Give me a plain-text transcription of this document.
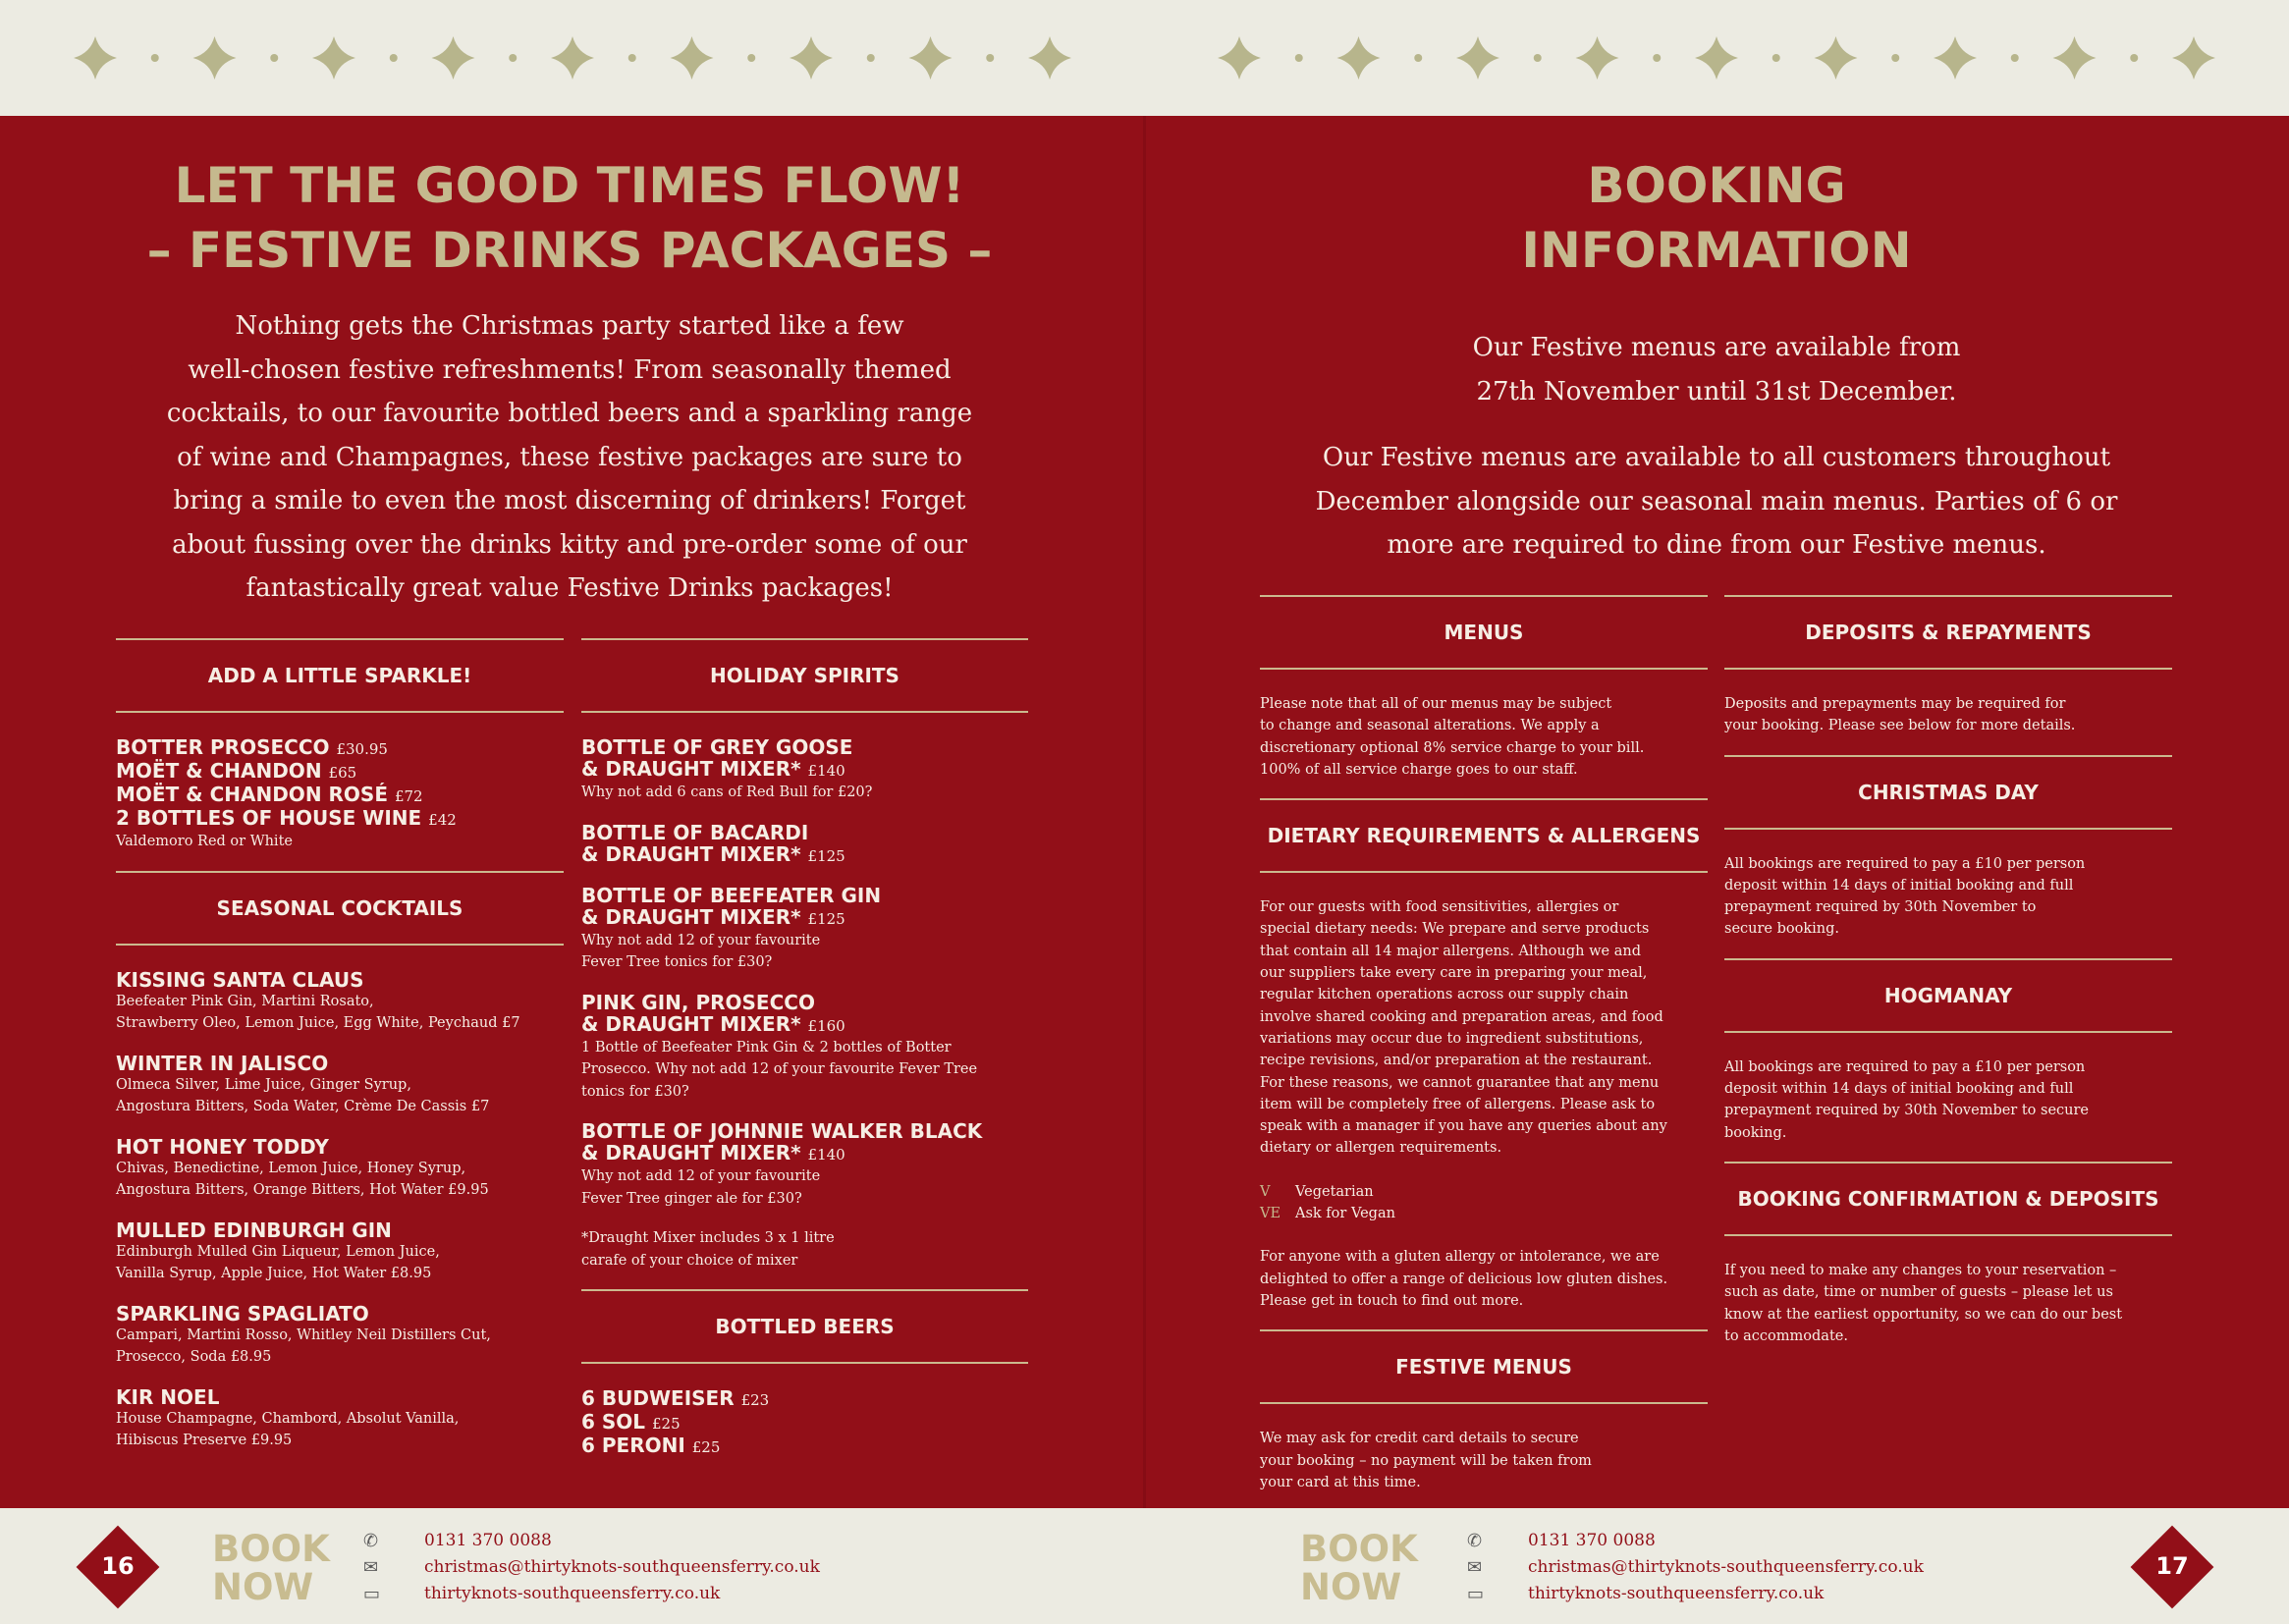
LET THE GOOD TIMES FLOW!
– FESTIVE DRINKS PACKAGES –
Nothing gets the Christmas party started like a few
well-chosen festive refreshments! From seasonally themed
cocktails, to our favourite bottled beers and a sparkling range
of wine and Champagnes, these festive packages are sure to
bring a smile to even the most discerning of drinkers! Forget
about fussing over the drinks kitty and pre-order some of our
fantastically great value Festive Drinks packages!
ADD A LITTLE SPARKLE!
BOTTER PROSECCO £30.95
MOËT & CHANDON £65
MOËT & CHANDON ROSÉ £72
2 BOTTLES OF HOUSE WINE £42
Valdemoro Red or White
SEASONAL COCKTAILS
KISSING SANTA CLAUS
Beefeater Pink Gin, Martini Rosato,
Strawberry Oleo, Lemon Juice, Egg White, Peychaud £7
WINTER IN JALISCO
Olmeca Silver, Lime Juice, Ginger Syrup,
Angostura Bitters, Soda Water, Crème De Cassis £7
HOT HONEY TODDY
Chivas, Benedictine, Lemon Juice, Honey Syrup,
Angostura Bitters, Orange Bitters, Hot Water £9.95
MULLED EDINBURGH GIN
Edinburgh Mulled Gin Liqueur, Lemon Juice,
Vanilla Syrup, Apple Juice, Hot Water £8.95
SPARKLING SPAGLIATO
Campari, Martini Rosso, Whitley Neil Distillers Cut,
Prosecco, Soda £8.95
KIR NOEL
House Champagne, Chambord, Absolut Vanilla,
Hibiscus Preserve £9.95
HOLIDAY SPIRITS
BOTTLE OF GREY GOOSE
& DRAUGHT MIXER* £140
Why not add 6 cans of Red Bull for £20?
BOTTLE OF BACARDI
& DRAUGHT MIXER* £125
BOTTLE OF BEEFEATER GIN
& DRAUGHT MIXER* £125
Why not add 12 of your favourite
Fever Tree tonics for £30?
PINK GIN, PROSECCO
& DRAUGHT MIXER* £160
1 Bottle of Beefeater Pink Gin & 2 bottles of Botter
Prosecco. Why not add 12 of your favourite Fever Tree
tonics for £30?
BOTTLE OF JOHNNIE WALKER BLACK
& DRAUGHT MIXER* £140
Why not add 12 of your favourite
Fever Tree ginger ale for £30?
*Draught Mixer includes 3 x 1 litre
carafe of your choice of mixer
BOTTLED BEERS
6 BUDWEISER £23
6 SOL £25
6 PERONI £25
BOOKING
INFORMATION
Our Festive menus are available from
27th November until 31st December.
Our Festive menus are available to all customers throughout
December alongside our seasonal main menus. Parties of 6 or
more are required to dine from our Festive menus.
MENUS
Please note that all of our menus may be subject
to change and seasonal alterations. We apply a
discretionary optional 8% service charge to your bill.
100% of all service charge goes to our staff.
DIETARY REQUIREMENTS & ALLERGENS
For our guests with food sensitivities, allergies or
special dietary needs: We prepare and serve products
that contain all 14 major allergens. Although we and
our suppliers take every care in preparing your meal,
regular kitchen operations across our supply chain
involve shared cooking and preparation areas, and food
variations may occur due to ingredient substitutions,
recipe revisions, and/or preparation at the restaurant.
For these reasons, we cannot guarantee that any menu
item will be completely free of allergens. Please ask to
speak with a manager if you have any queries about any
dietary or allergen requirements.
V Vegetarian
VE Ask for Vegan
For anyone with a gluten allergy or intolerance, we are
delighted to offer a range of delicious low gluten dishes.
Please get in touch to find out more.
FESTIVE MENUS
We may ask for credit card details to secure
your booking – no payment will be taken from
your card at this time.
DEPOSITS & REPAYMENTS
Deposits and prepayments may be required for
your booking. Please see below for more details.
CHRISTMAS DAY
All bookings are required to pay a £10 per person
deposit within 14 days of initial booking and full
prepayment required by 30th November to
secure booking.
HOGMANAY
All bookings are required to pay a £10 per person
deposit within 14 days of initial booking and full
prepayment required by 30th November to secure
booking.
BOOKING CONFIRMATION & DEPOSITS
If you need to make any changes to your reservation –
such as date, time or number of guests – please let us
know at the earliest opportunity, so we can do our best
to accommodate.
16	BOOK
NOW
✆	0131 370 0088
✉	christmas@thirtyknots-southqueensferry.co.uk
▭	thirtyknots-southqueensferry.co.uk
BOOK
NOW
✆	0131 370 0088
✉	christmas@thirtyknots-southqueensferry.co.uk
▭	thirtyknots-southqueensferry.co.uk
17
